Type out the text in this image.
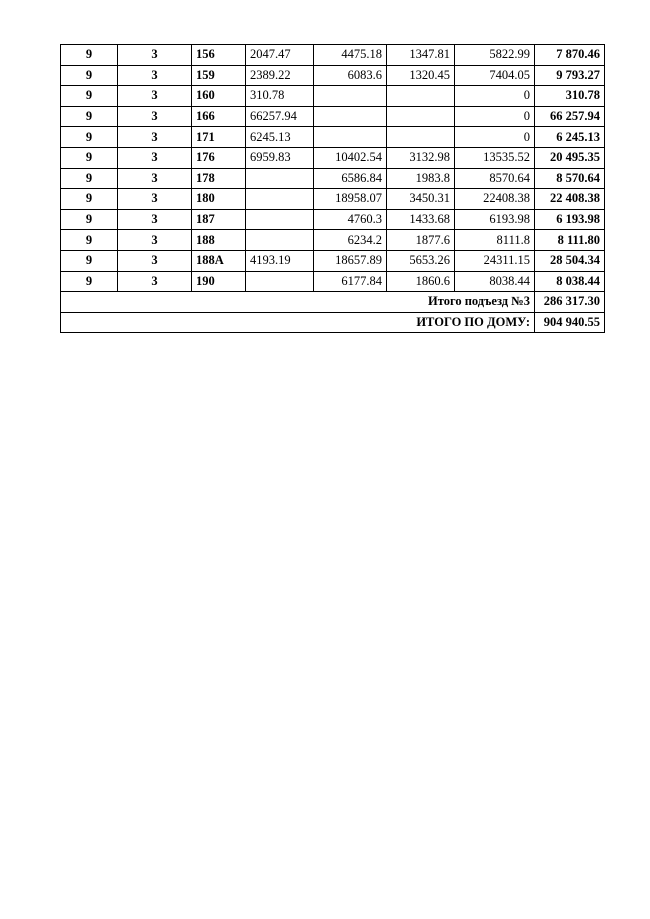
9	3	156	2047.47	4475.18	1347.81	5822.99	7 870.46
9	3	159	2389.22	6083.6	1320.45	7404.05	9 793.27
9	3	160	310.78			0	310.78
9	3	166	66257.94			0	66 257.94
9	3	171	6245.13			0	6 245.13
9	3	176	6959.83	10402.54	3132.98	13535.52	20 495.35
9	3	178		6586.84	1983.8	8570.64	8 570.64
9	3	180		18958.07	3450.31	22408.38	22 408.38
9	3	187		4760.3	1433.68	6193.98	6 193.98
9	3	188		6234.2	1877.6	8111.8	8 111.80
9	3	188А	4193.19	18657.89	5653.26	24311.15	28 504.34
9	3	190		6177.84	1860.6	8038.44	8 038.44
Итого подъезд №3							286 317.30
ИТОГО ПО ДОМУ:							904 940.55
